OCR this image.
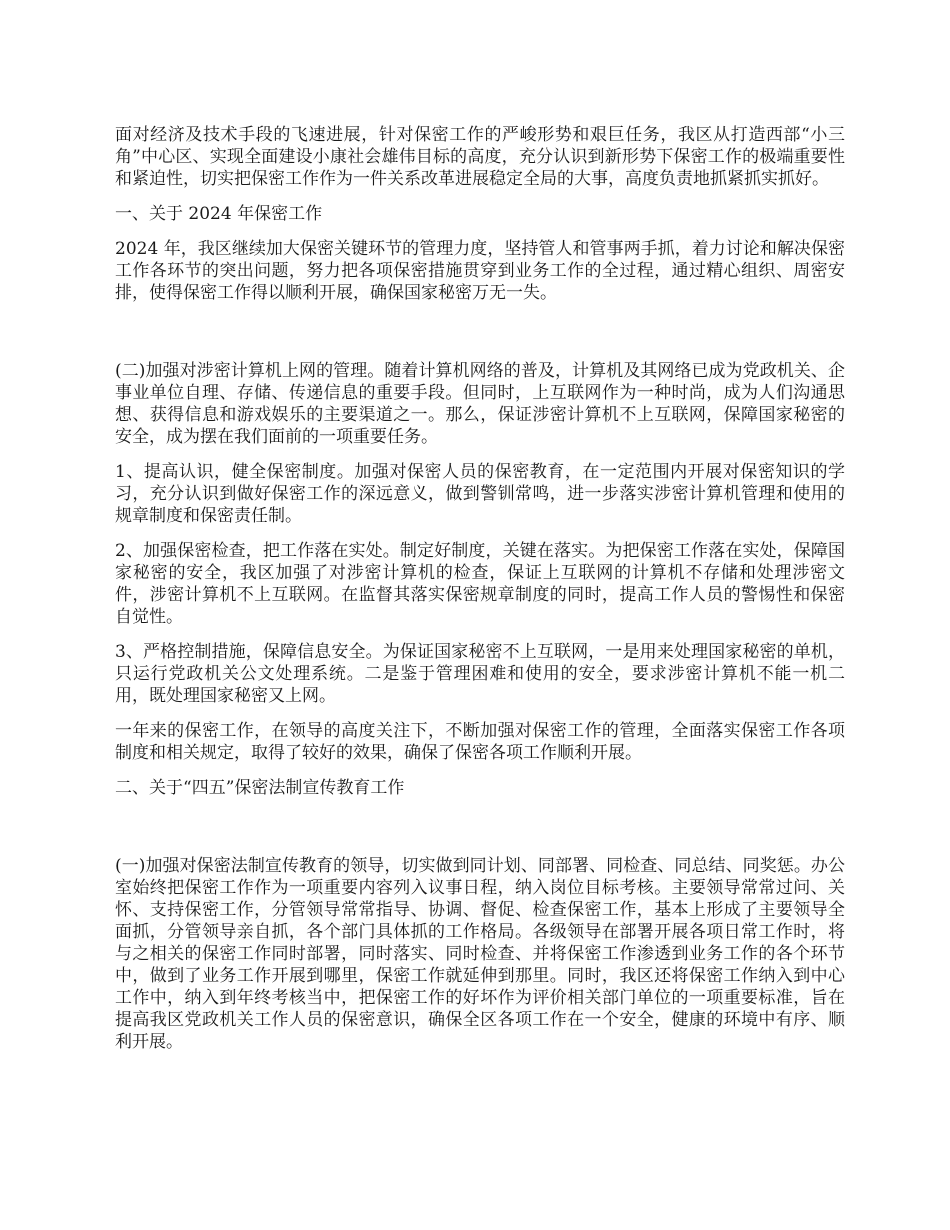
面对经济及技术手段的飞速进展，针对保密工作的严峻形势和艰巨任务，我区从打造西部“小三角”中心区、实现全面建设小康社会雄伟目标的高度，充分认识到新形势下保密工作的极端重要性和紧迫性，切实把保密工作作为一件关系改革进展稳定全局的大事，高度负责地抓紧抓实抓好。

一、关于 2024 年保密工作

2024 年，我区继续加大保密关键环节的管理力度，坚持管人和管事两手抓，着力讨论和解决保密工作各环节的突出问题，努力把各项保密措施贯穿到业务工作的全过程，通过精心组织、周密安排，使得保密工作得以顺利开展，确保国家秘密万无一失。

(二)加强对涉密计算机上网的管理。随着计算机网络的普及，计算机及其网络已成为党政机关、企事业单位自理、存储、传递信息的重要手段。但同时，上互联网作为一种时尚，成为人们沟通思想、获得信息和游戏娱乐的主要渠道之一。那么，保证涉密计算机不上互联网，保障国家秘密的安全，成为摆在我们面前的一项重要任务。

1、提高认识，健全保密制度。加强对保密人员的保密教育，在一定范围内开展对保密知识的学习，充分认识到做好保密工作的深远意义，做到警钏常鸣，进一步落实涉密计算机管理和使用的规章制度和保密责任制。

2、加强保密检查，把工作落在实处。制定好制度，关键在落实。为把保密工作落在实处，保障国家秘密的安全，我区加强了对涉密计算机的检查，保证上互联网的计算机不存储和处理涉密文件，涉密计算机不上互联网。在监督其落实保密规章制度的同时，提高工作人员的警惕性和保密自觉性。

3、严格控制措施，保障信息安全。为保证国家秘密不上互联网，一是用来处理国家秘密的单机，只运行党政机关公文处理系统。二是鉴于管理困难和使用的安全，要求涉密计算机不能一机二用，既处理国家秘密又上网。

一年来的保密工作，在领导的高度关注下，不断加强对保密工作的管理，全面落实保密工作各项制度和相关规定，取得了较好的效果，确保了保密各项工作顺利开展。

二、关于“四五”保密法制宣传教育工作

(一)加强对保密法制宣传教育的领导，切实做到同计划、同部署、同检查、同总结、同奖惩。办公室始终把保密工作作为一项重要内容列入议事日程，纳入岗位目标考核。主要领导常常过问、关怀、支持保密工作，分管领导常常指导、协调、督促、检查保密工作，基本上形成了主要领导全面抓，分管领导亲自抓，各个部门具体抓的工作格局。各级领导在部署开展各项日常工作时，将与之相关的保密工作同时部署，同时落实、同时检查、并将保密工作渗透到业务工作的各个环节中，做到了业务工作开展到哪里，保密工作就延伸到那里。同时，我区还将保密工作纳入到中心工作中，纳入到年终考核当中，把保密工作的好坏作为评价相关部门单位的一项重要标准，旨在提高我区党政机关工作人员的保密意识，确保全区各项工作在一个安全，健康的环境中有序、顺利开展。
